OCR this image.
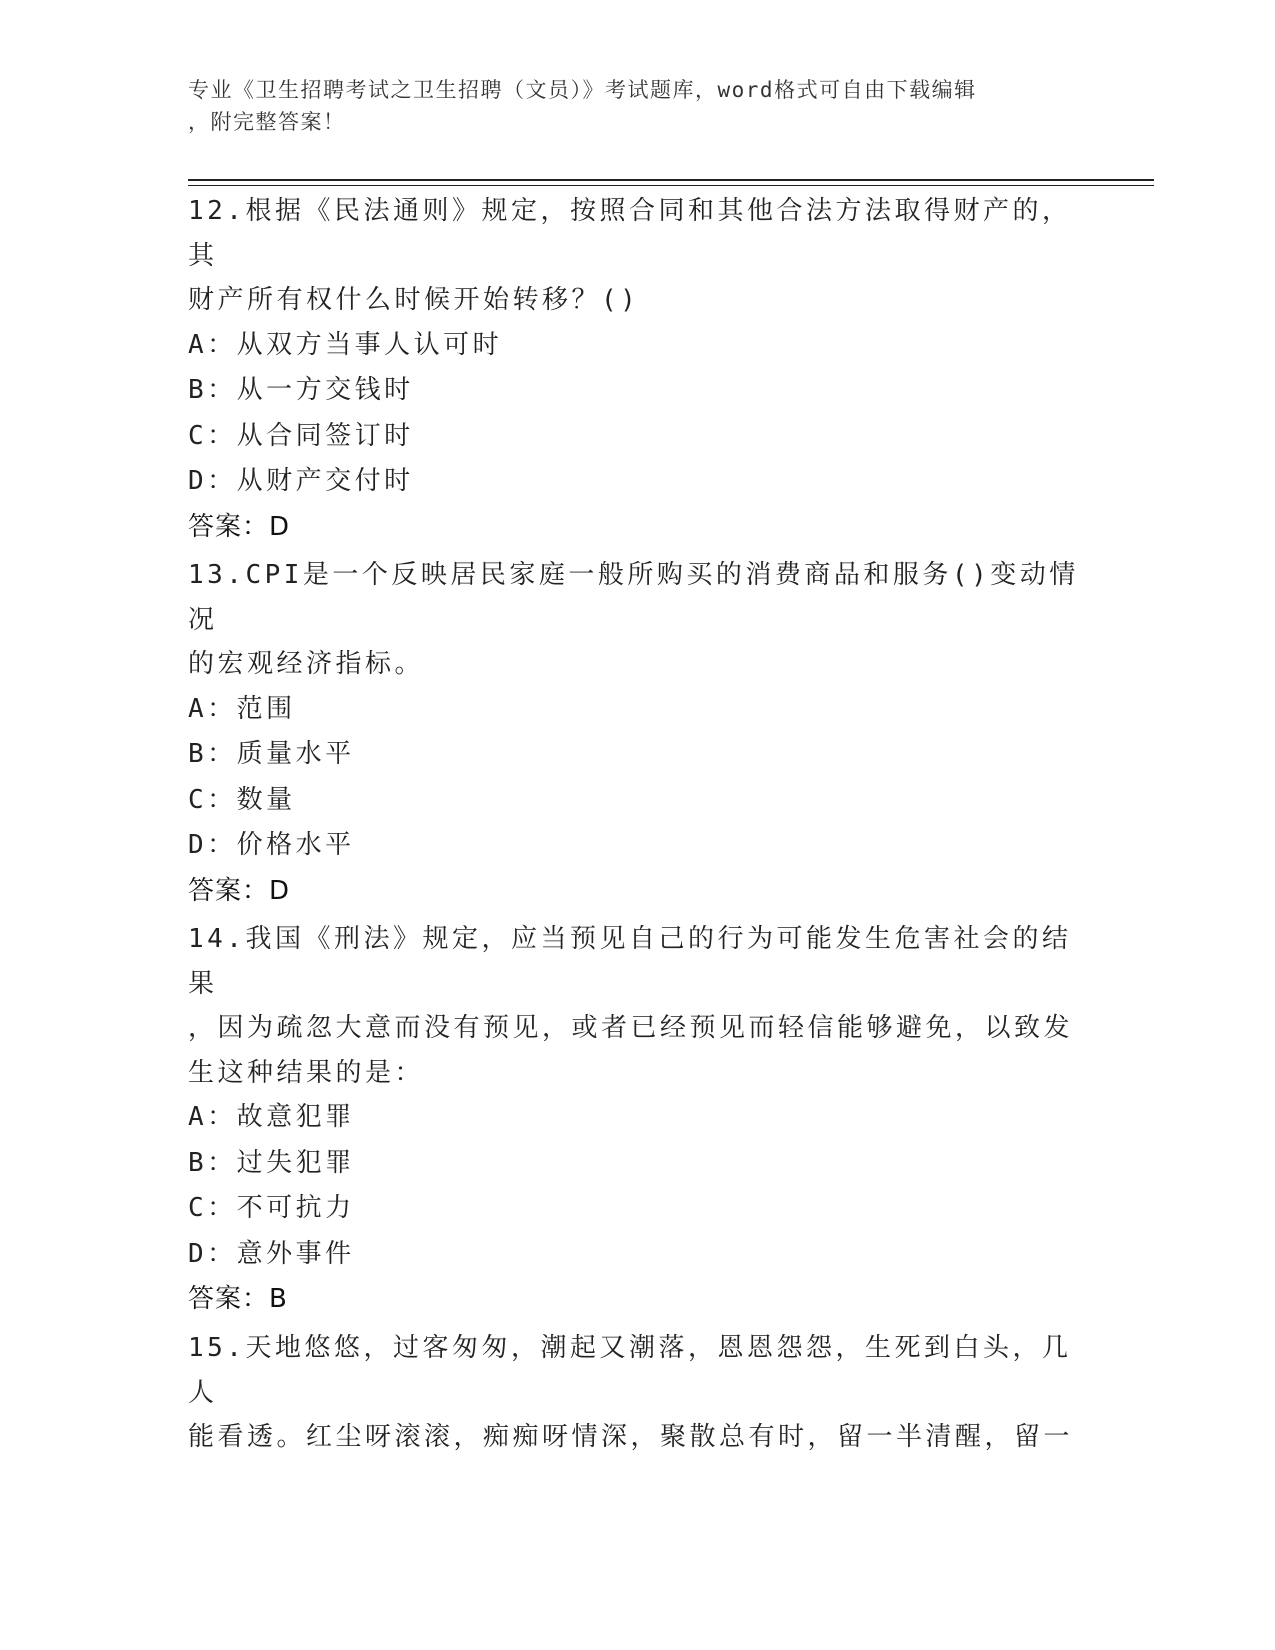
专业《卫生招聘考试之卫生招聘（文员）》考试题库，word格式可自由下载编辑
，附完整答案！

12.根据《民法通则》规定，按照合同和其他合法方法取得财产的，其

财产所有权什么时候开始转移？()

A：从双方当事人认可时

B：从一方交钱时

C：从合同签订时

D：从财产交付时

答案：D

13.CPI是一个反映居民家庭一般所购买的消费商品和服务()变动情况

的宏观经济指标。

A：范围

B：质量水平

C：数量

D：价格水平

答案：D

14.我国《刑法》规定，应当预见自己的行为可能发生危害社会的结果

，因为疏忽大意而没有预见，或者已经预见而轻信能够避免，以致发

生这种结果的是：

A：故意犯罪

B：过失犯罪

C：不可抗力

D：意外事件

答案：B

15.天地悠悠，过客匆匆，潮起又潮落，恩恩怨怨，生死到白头，几人

能看透。红尘呀滚滚，痴痴呀情深，聚散总有时，留一半清醒，留一
